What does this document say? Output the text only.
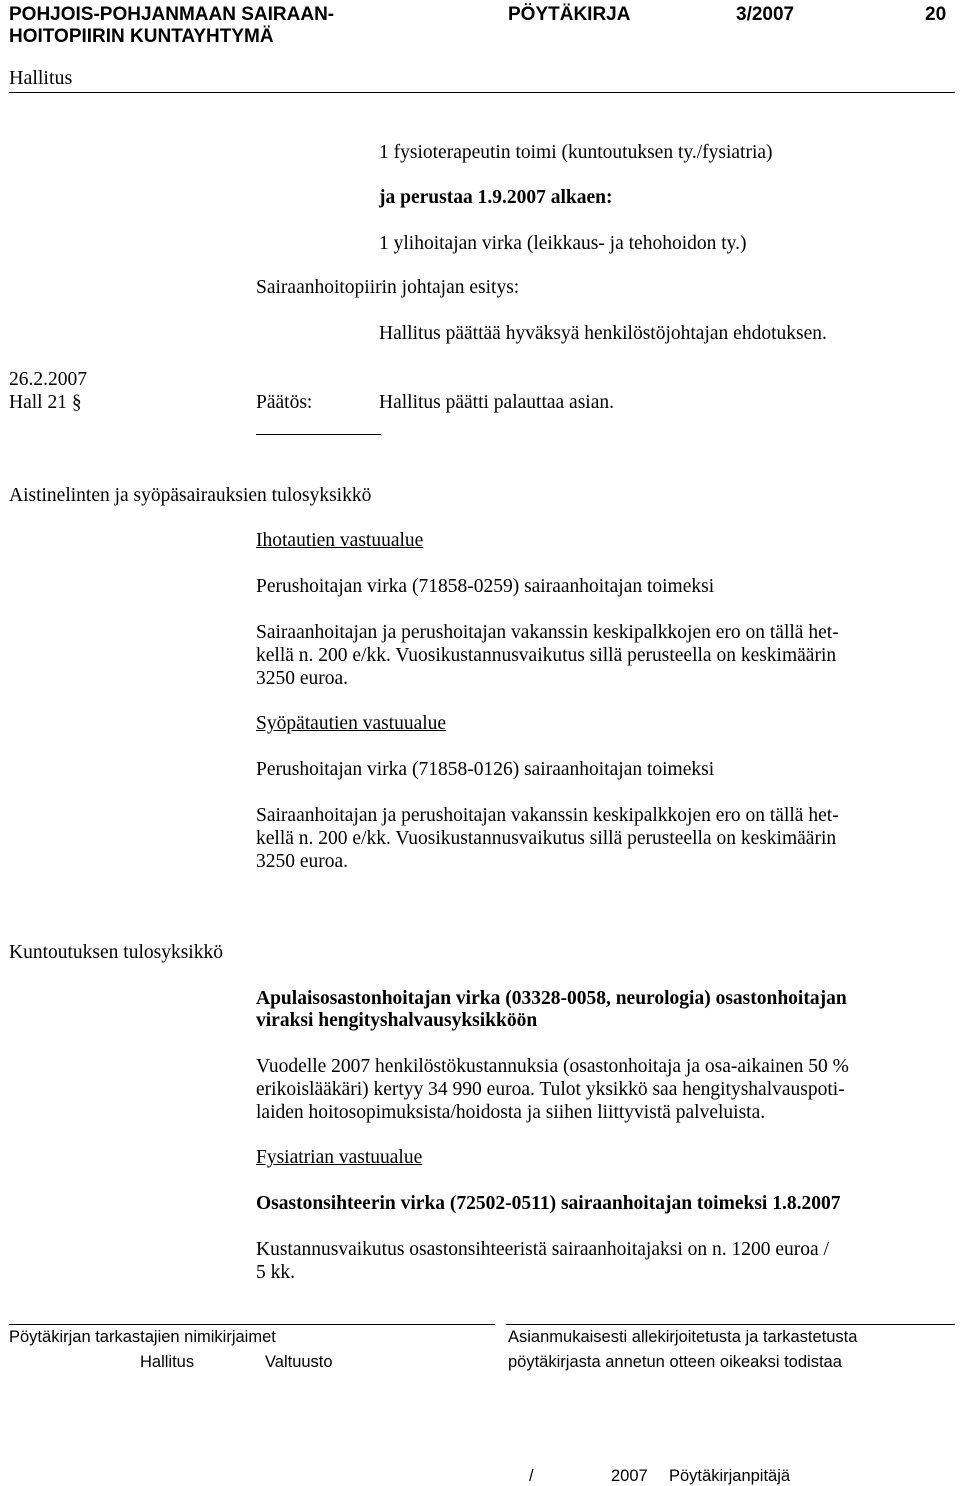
POHJOIS-POHJANMAAN SAIRAAN-
HOITOPIIRIN KUNTAYHTYMÄ
PÖYTÄKIRJA	3/2007	20
Hallitus
1 fysioterapeutin toimi (kuntoutuksen ty./fysiatria)
ja perustaa 1.9.2007 alkaen:
1 ylihoitajan virka (leikkaus- ja tehohoidon ty.)
Sairaanhoitopiirin johtajan esitys:
Hallitus päättää hyväksyä henkilöstöjohtajan ehdotuksen.
26.2.2007
Hall 21 §	Päätös:	Hallitus päätti palauttaa asian.
Aistinelinten ja syöpäsairauksien tulosyksikkö
Ihotautien vastuualue
Perushoitajan virka (71858-0259) sairaanhoitajan toimeksi
Sairaanhoitajan ja perushoitajan vakanssin keskipalkkojen ero on tällä het-
kellä n. 200 e/kk. Vuosikustannusvaikutus sillä perusteella on keskimäärin
3250 euroa.
Syöpätautien vastuualue
Perushoitajan virka (71858-0126) sairaanhoitajan toimeksi
Sairaanhoitajan ja perushoitajan vakanssin keskipalkkojen ero on tällä het-
kellä n. 200 e/kk. Vuosikustannusvaikutus sillä perusteella on keskimäärin
3250 euroa.
Kuntoutuksen tulosyksikkö
Apulaisosastonhoitajan virka (03328-0058, neurologia) osastonhoitajan
viraksi hengityshalvausyksikköön
Vuodelle 2007 henkilöstökustannuksia (osastonhoitaja ja osa-aikainen 50 %
erikoislääkäri) kertyy 34 990 euroa. Tulot yksikkö saa hengityshalvauspoti-
laiden hoitosopimuksista/hoidosta ja siihen liittyvistä palveluista.
Fysiatrian vastuualue
Osastonsihteerin virka (72502-0511) sairaanhoitajan toimeksi 1.8.2007
Kustannusvaikutus osastonsihteeristä sairaanhoitajaksi on n. 1200 euroa /
5 kk.
Pöytäkirjan tarkastajien nimikirjaimet
Hallitus	Valtuusto
Asianmukaisesti allekirjoitetusta ja tarkastetusta
pöytäkirjasta annetun otteen oikeaksi todistaa
/	2007 Pöytäkirjanpitäjä
